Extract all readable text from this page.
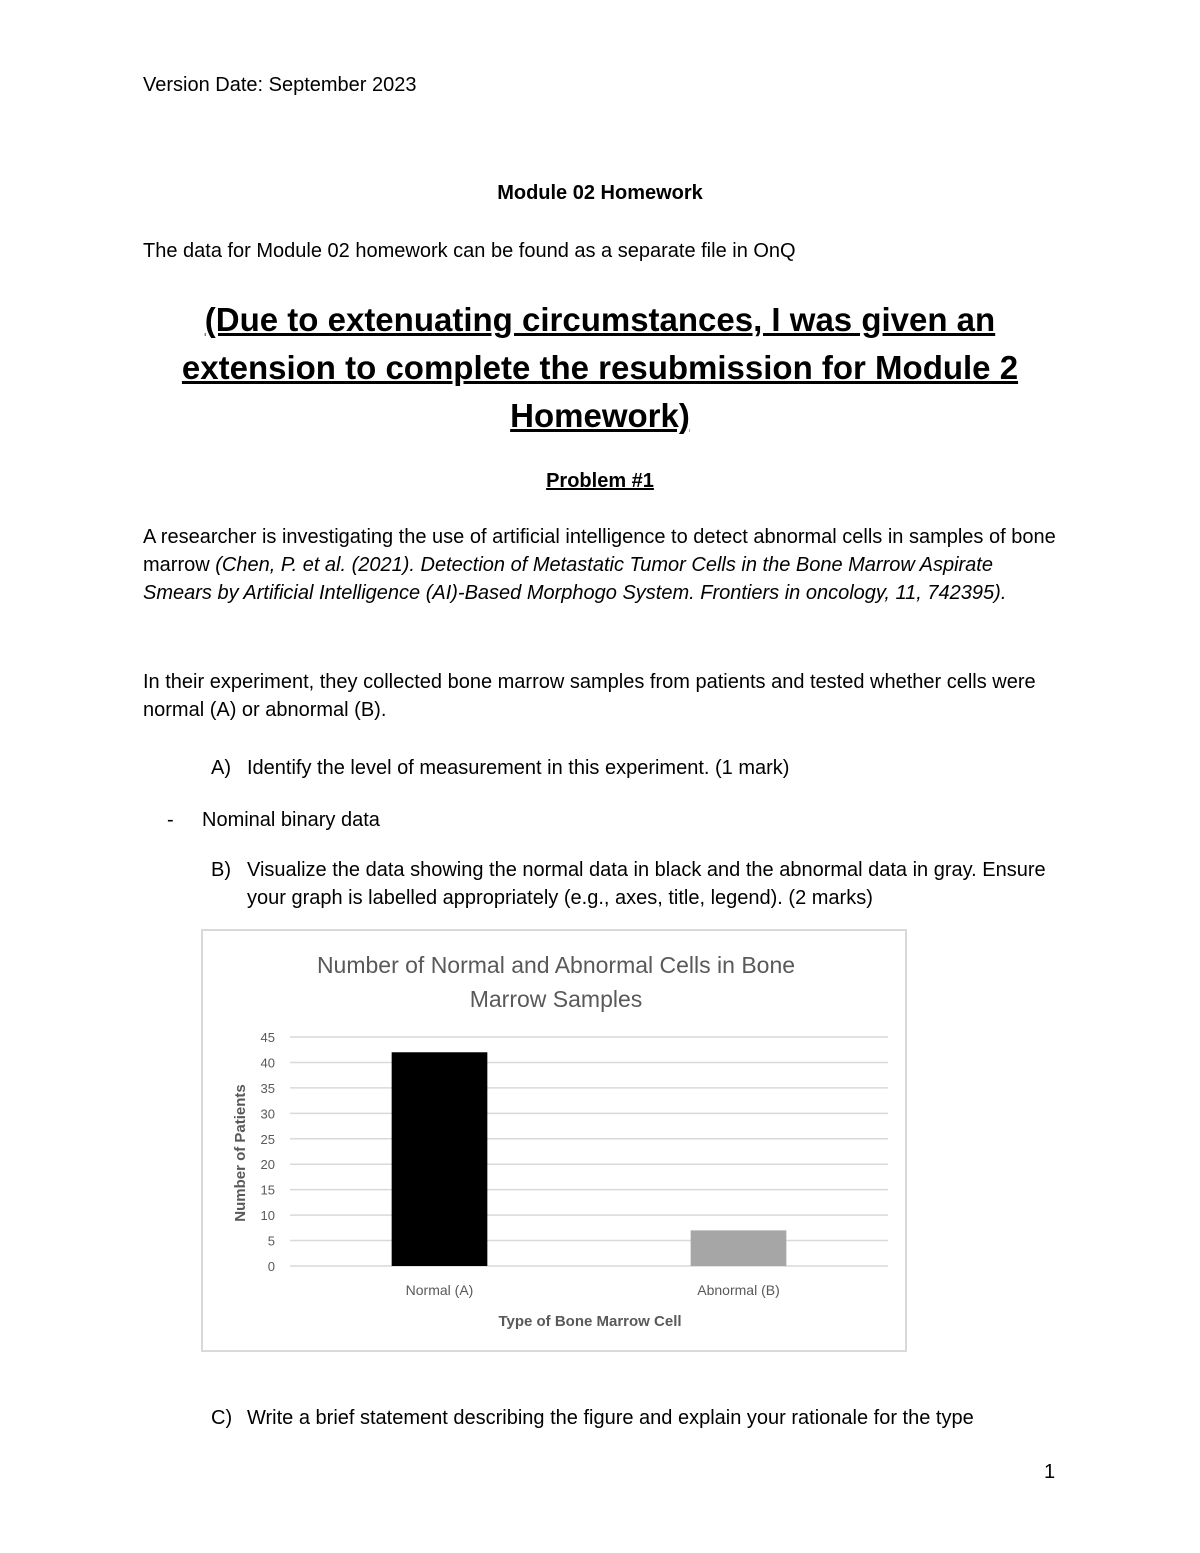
Version Date: September 2023
Module 02 Homework
The data for Module 02 homework can be found as a separate file in OnQ
(Due to extenuating circumstances, I was given an extension to complete the resubmission for Module 2 Homework)
Problem #1
A researcher is investigating the use of artificial intelligence to detect abnormal cells in samples of bone marrow (Chen, P. et al. (2021). Detection of Metastatic Tumor Cells in the Bone Marrow Aspirate Smears by Artificial Intelligence (AI)-Based Morphogo System. Frontiers in oncology, 11, 742395).
In their experiment, they collected bone marrow samples from patients and tested whether cells were normal (A) or abnormal (B).
A) Identify the level of measurement in this experiment. (1 mark)
- Nominal binary data
B) Visualize the data showing the normal data in black and the abnormal data in gray. Ensure your graph is labelled appropriately (e.g., axes, title, legend). (2 marks)
0
5
10
15
20
25
30
35
40
45
Normal (A)	Abnormal (B)
Number of Normal and Abnormal Cells in Bone
Marrow Samples
Number of Patients
Type of Bone Marrow Cell
C) Write a brief statement describing the figure and explain your rationale for the type
1
